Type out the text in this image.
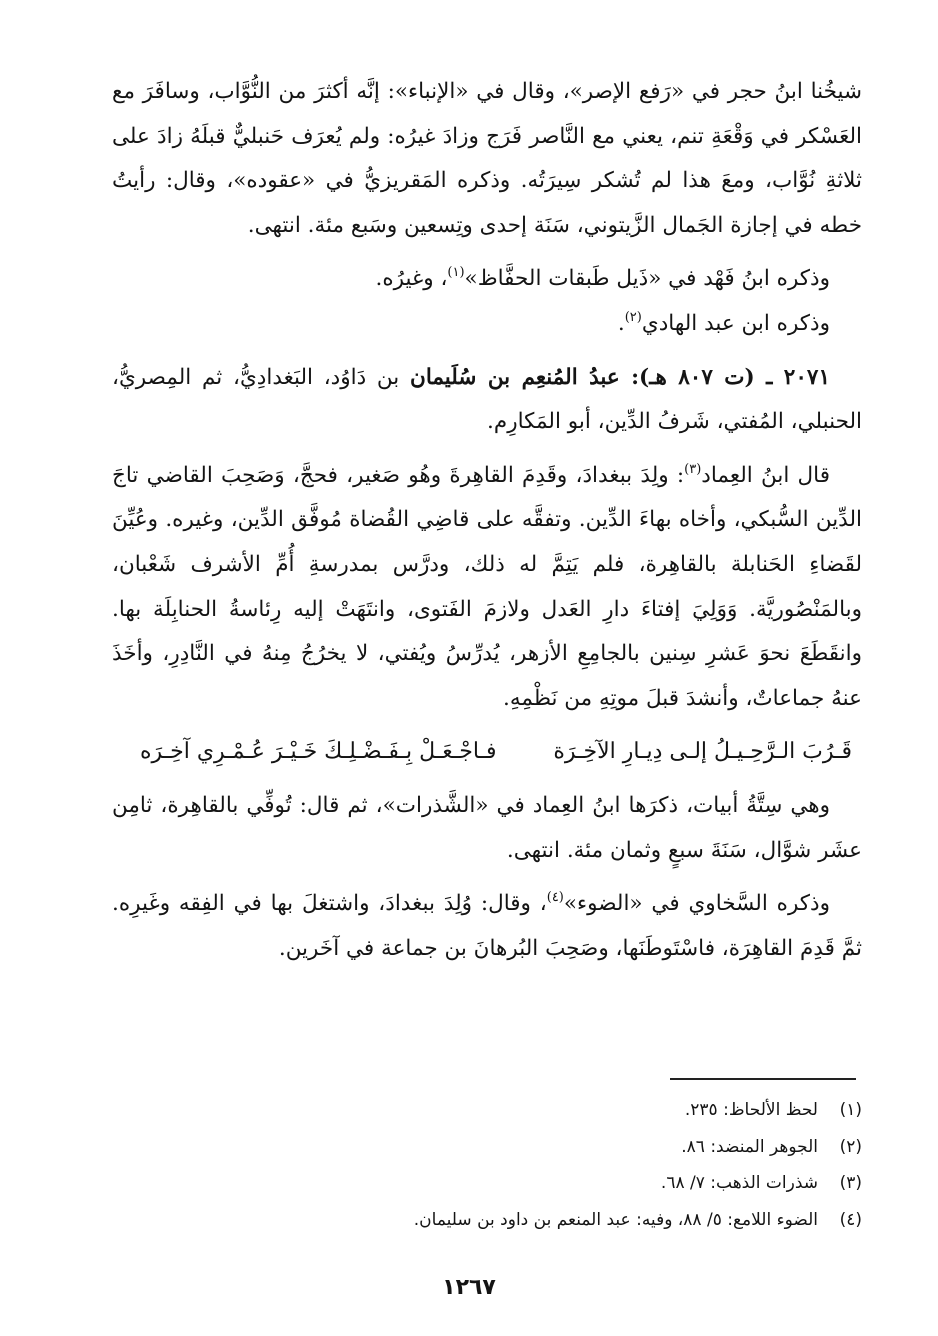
شيخُنا ابنُ حجر في «رَفع الإصر»، وقال في «الإنباء»: إنَّه أكثرَ من النُّوَّاب، وسافَرَ مع العَسْكر في وَقْعَةِ تنم، يعني مع النَّاصر فَرَج وزادَ غيرُه: ولم يُعرَف حَنبليٌّ قبلَهُ زادَ على ثلاثةِ نُوَّاب، ومعَ هذا لم تُشكر سِيرَتُه. وذكره المَقريزيُّ في «عقوده»، وقال: رأيتُ خطه في إجازة الجَمال الزَّيتوني، سَنَة إحدى وتِسعين وسَبع مئة. انتهى.

وذكره ابنُ فَهْد في «ذَيل طَبقات الحفَّاظ»$^{(١)}$، وغيرُه.

وذكره ابن عبد الهادي$^{(٢)}$.

٢٠٧١ ـ (ت ٨٠٧ هـ): عبدُ المُنعِم بن سُلَيمان بن دَاوُد، البَغدادِيُّ، ثم المِصريُّ، الحنبلي، المُفتي، شَرفُ الدِّين، أبو المَكارِم.

قال ابنُ العِماد$^{(٣)}$: ولِدَ ببغدادَ، وقَدِمَ القاهِرةَ وهُو صَغير، فحجَّ، وَصَحِبَ القاضي تاجَ الدِّين السُّبكي، وأخاه بهاءَ الدِّين. وتفقَّه على قاضِي القُضاة مُوفَّق الدِّين، وغيره. وعُيِّنَ لقَضاءِ الحَنابلة بالقاهِرة، فلم يَتِمَّ له ذلك، ودرَّس بمدرسةِ أُمِّ الأشرف شَعْبان، وبالمَنْصُوريَّة. وَوَلِيَ إفتاءَ دارِ العَدل ولازمَ الفَتوى، وانتَهَتْ إليه رِئاسةُ الحنابِلَة بها. وانقَطَعَ نحوَ عَشرِ سِنين بالجامِعِ الأزهر، يُدرِّسُ ويُفتي، لا يخرُجُ مِنهُ في النَّادِرِ، وأخَذَ عنهُ جماعاتٌ، وأنشدَ قبلَ موتِهِ من نَظْمِهِ.

قَـرُبَ الـرَّحِـيـلُ إلـى دِيـارِ الآخِـرَة
فـاجْـعَـلْ بِـفَـضْـلِـكَ خَـيْـرَ عُـمْـرِي آخِـرَه

وهي سِتَّةُ أبيات، ذكرَها ابنُ العِماد في «الشَّذرات»، ثم قال: تُوفِّي بالقاهِرة، ثامِن عشَر شوَّال، سَنَةَ سبعٍ وثمان مئة. انتهى.

وذكره السَّخاوي في «الضوء»$^{(٤)}$، وقال: وُلِدَ ببغدادَ، واشتغلَ بها في الفِقه وغَيرِه. ثمَّ قَدِمَ القاهِرَة، فاسْتَوطَنَها، وصَحِبَ البُرهانَ بن جماعة في آخَرين.

(١)لحظ الألحاظ: ٢٣٥.
(٢)الجوهر المنضد: ٨٦.
(٣)شذرات الذهب: ٧/ ٦٨.
(٤)الضوء اللامع: ٥/ ٨٨، وفيه: عبد المنعم بن داود بن سليمان.
١٢٦٧
